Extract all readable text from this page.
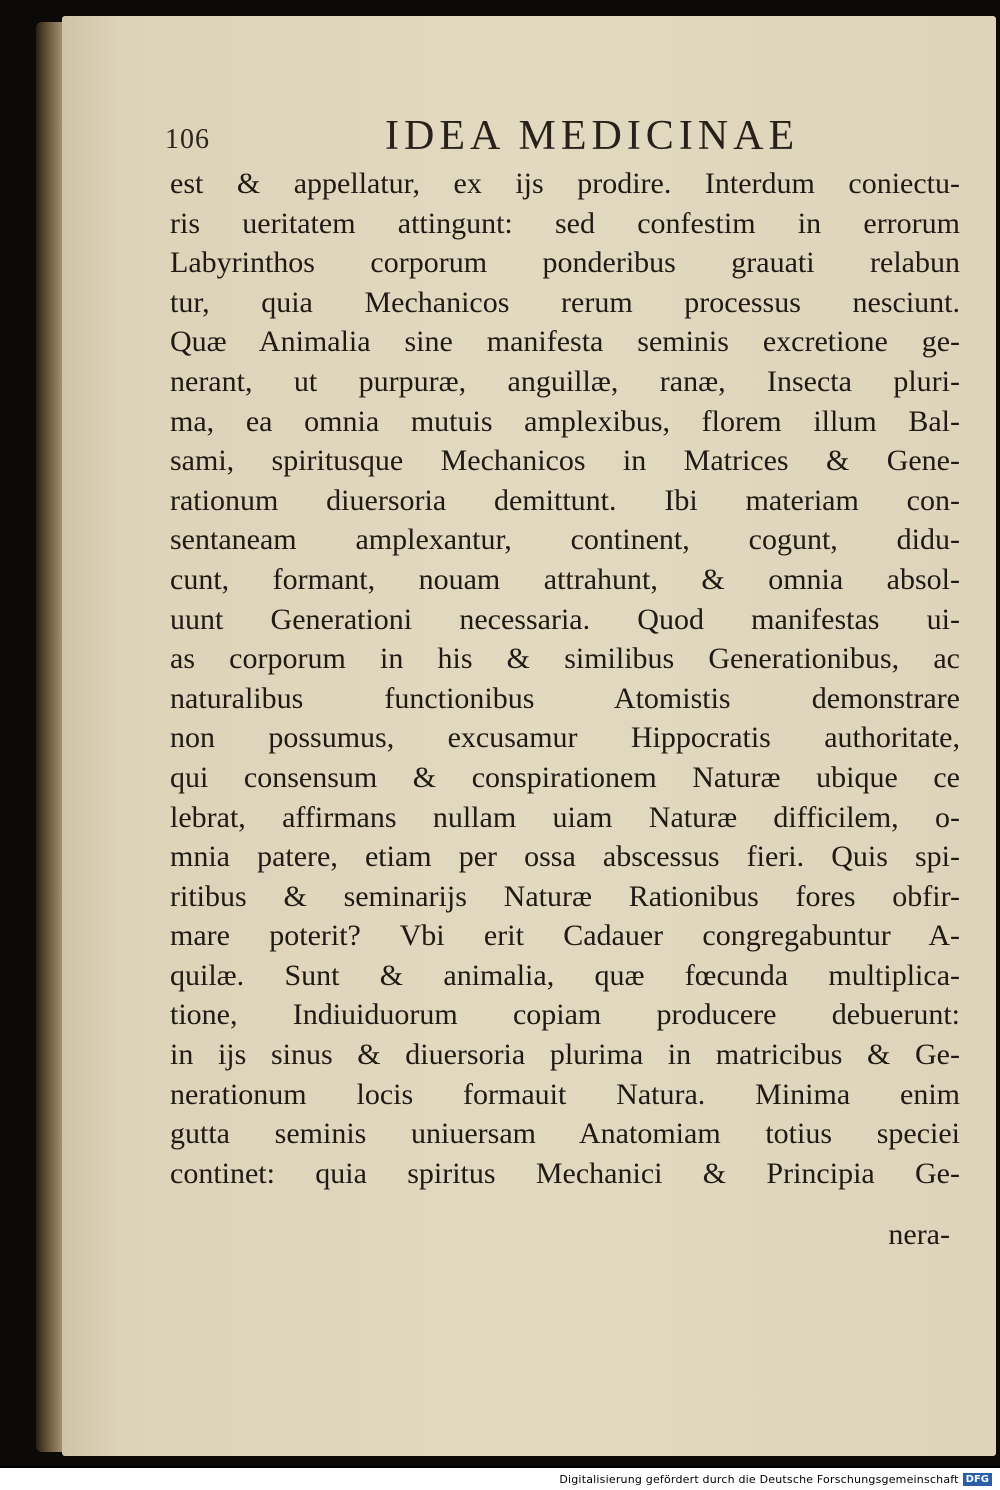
106	IDEA MEDICINAE
est & appellatur, ex ijs prodire. Interdum coniectu-
ris ueritatem attingunt: sed confestim in errorum
Labyrinthos corporum ponderibus grauati relabun
tur, quia Mechanicos rerum processus nesciunt.
Quæ Animalia sine manifesta seminis excretione ge-
nerant, ut purpuræ, anguillæ, ranæ, Insecta pluri-
ma, ea omnia mutuis amplexibus, florem illum Bal-
sami, spiritusque Mechanicos in Matrices & Gene-
rationum diuersoria demittunt. Ibi materiam con-
sentaneam amplexantur, continent, cogunt, didu-
cunt, formant, nouam attrahunt, & omnia absol-
uunt Generationi necessaria. Quod manifestas ui-
as corporum in his & similibus Generationibus, ac
naturalibus functionibus Atomistis demonstrare
non possumus, excusamur Hippocratis authoritate,
qui consensum & conspirationem Naturæ ubique ce
lebrat, affirmans nullam uiam Naturæ difficilem, o-
mnia patere, etiam per ossa abscessus fieri. Quis spi-
ritibus & seminarijs Naturæ Rationibus fores obfir-
mare poterit? Vbi erit Cadauer congregabuntur A-
quilæ. Sunt & animalia, quæ fœcunda multiplica-
tione, Indiuiduorum copiam producere debuerunt:
in ijs sinus & diuersoria plurima in matricibus & Ge-
nerationum locis formauit Natura. Minima enim
gutta seminis uniuersam Anatomiam totius speciei
continet: quia spiritus Mechanici & Principia Ge-
nera-
Digitalisierung gefördert durch die Deutsche Forschungsgemeinschaft DFG
